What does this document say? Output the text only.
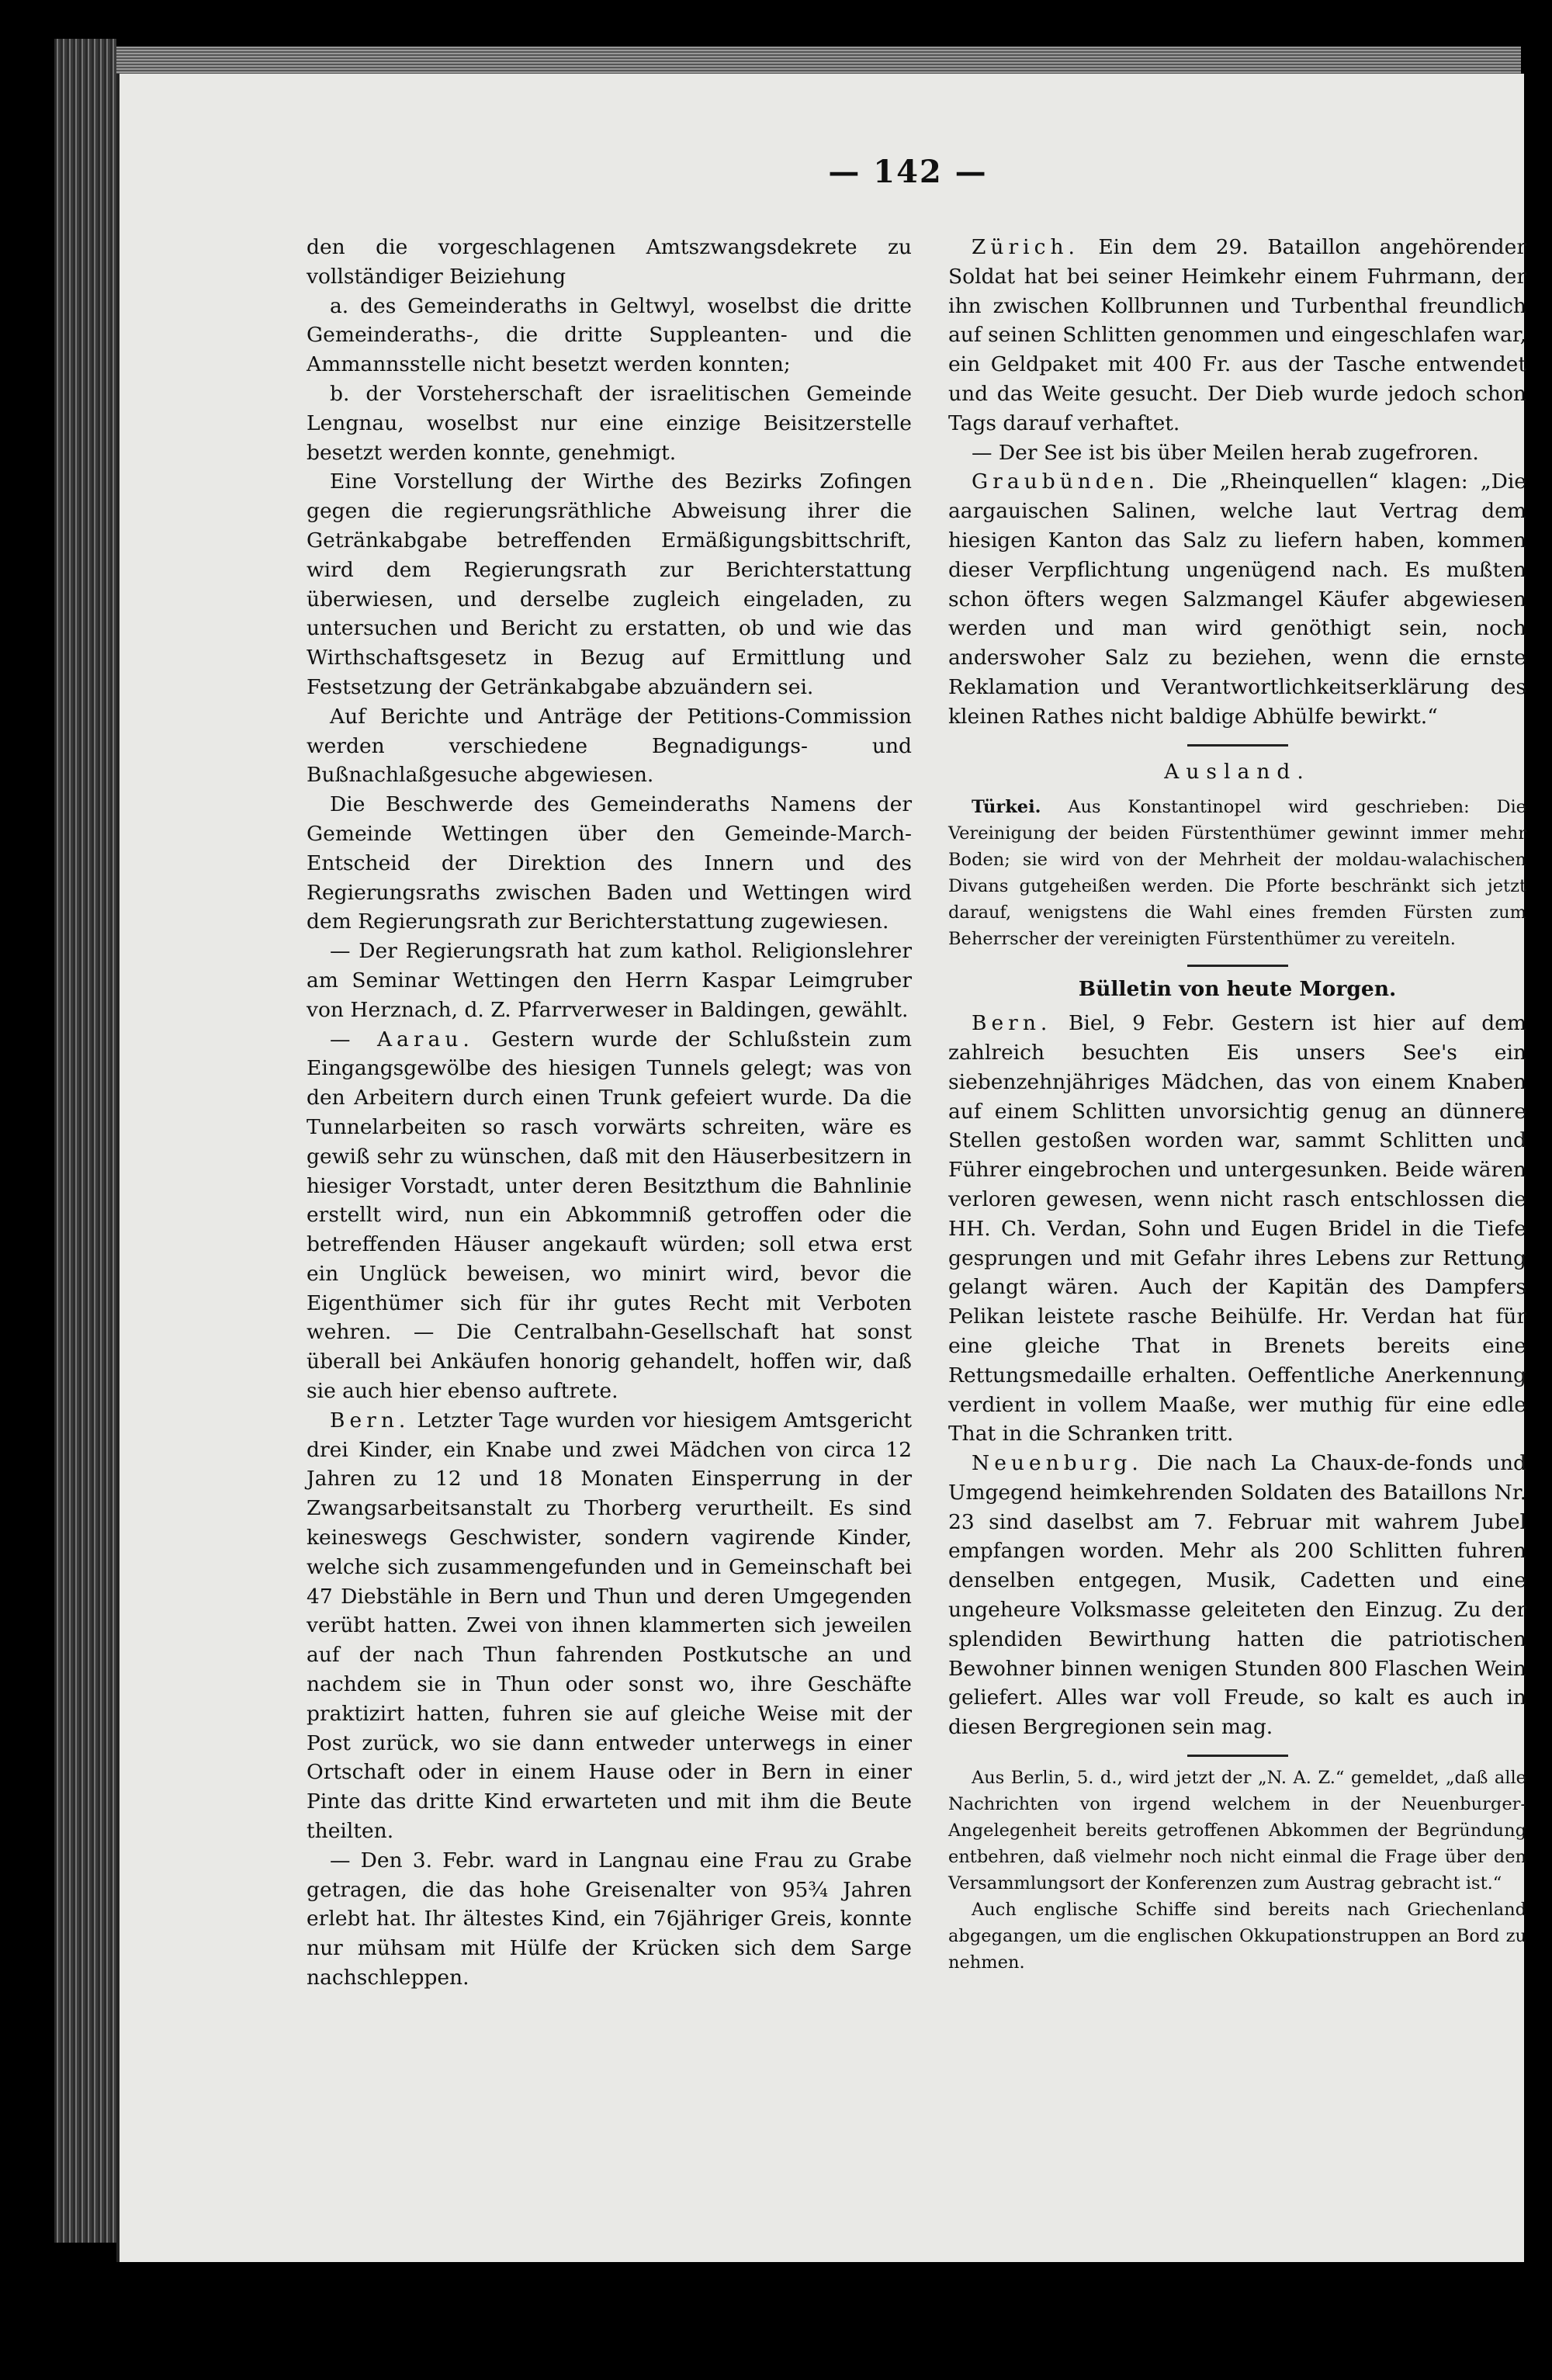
— 142 —

den die vorgeschlagenen Amtszwangsdekrete zu vollständiger Beiziehung

a. des Gemeinderaths in Geltwyl, woselbst die dritte Gemeinderaths-, die dritte Suppleanten- und die Ammannsstelle nicht besetzt werden konnten;

b. der Vorsteherschaft der israelitischen Gemeinde Lengnau, woselbst nur eine einzige Beisitzerstelle besetzt werden konnte, genehmigt.

Eine Vorstellung der Wirthe des Bezirks Zofingen gegen die regierungsräthliche Abweisung ihrer die Getränkabgabe betreffenden Ermäßigungsbittschrift, wird dem Regierungsrath zur Berichterstattung überwiesen, und derselbe zugleich eingeladen, zu untersuchen und Bericht zu erstatten, ob und wie das Wirthschaftsgesetz in Bezug auf Ermittlung und Festsetzung der Getränkabgabe abzuändern sei.

Auf Berichte und Anträge der Petitions-Commission werden verschiedene Begnadigungs- und Bußnachlaßgesuche abgewiesen.

Die Beschwerde des Gemeinderaths Namens der Gemeinde Wettingen über den Gemeinde-March-Entscheid der Direktion des Innern und des Regierungsraths zwischen Baden und Wettingen wird dem Regierungsrath zur Berichterstattung zugewiesen.

— Der Regierungsrath hat zum kathol. Religionslehrer am Seminar Wettingen den Herrn Kaspar Leimgruber von Herznach, d. Z. Pfarrverweser in Baldingen, gewählt.

— Aarau. Gestern wurde der Schlußstein zum Eingangsgewölbe des hiesigen Tunnels gelegt; was von den Arbeitern durch einen Trunk gefeiert wurde. Da die Tunnelarbeiten so rasch vorwärts schreiten, wäre es gewiß sehr zu wünschen, daß mit den Häuserbesitzern in hiesiger Vorstadt, unter deren Besitzthum die Bahnlinie erstellt wird, nun ein Abkommniß getroffen oder die betreffenden Häuser angekauft würden; soll etwa erst ein Unglück beweisen, wo minirt wird, bevor die Eigenthümer sich für ihr gutes Recht mit Verboten wehren. — Die Centralbahn-Gesellschaft hat sonst überall bei Ankäufen honorig gehandelt, hoffen wir, daß sie auch hier ebenso auftrete.

Bern. Letzter Tage wurden vor hiesigem Amtsgericht drei Kinder, ein Knabe und zwei Mädchen von circa 12 Jahren zu 12 und 18 Monaten Einsperrung in der Zwangsarbeitsanstalt zu Thorberg verurtheilt. Es sind keineswegs Geschwister, sondern vagirende Kinder, welche sich zusammengefunden und in Gemeinschaft bei 47 Diebstähle in Bern und Thun und deren Umgegenden verübt hatten. Zwei von ihnen klammerten sich jeweilen auf der nach Thun fahrenden Postkutsche an und nachdem sie in Thun oder sonst wo, ihre Geschäfte praktizirt hatten, fuhren sie auf gleiche Weise mit der Post zurück, wo sie dann entweder unterwegs in einer Ortschaft oder in einem Hause oder in Bern in einer Pinte das dritte Kind erwarteten und mit ihm die Beute theilten.

— Den 3. Febr. ward in Langnau eine Frau zu Grabe getragen, die das hohe Greisenalter von 95¾ Jahren erlebt hat. Ihr ältestes Kind, ein 76jähriger Greis, konnte nur mühsam mit Hülfe der Krücken sich dem Sarge nachschleppen.

Zürich. Ein dem 29. Bataillon angehörender Soldat hat bei seiner Heimkehr einem Fuhrmann, der ihn zwischen Kollbrunnen und Turbenthal freundlich auf seinen Schlitten genommen und eingeschlafen war, ein Geldpaket mit 400 Fr. aus der Tasche entwendet und das Weite gesucht. Der Dieb wurde jedoch schon Tags darauf verhaftet.

— Der See ist bis über Meilen herab zugefroren.

Graubünden. Die „Rheinquellen“ klagen: „Die aargauischen Salinen, welche laut Vertrag dem hiesigen Kanton das Salz zu liefern haben, kommen dieser Verpflichtung ungenügend nach. Es mußten schon öfters wegen Salzmangel Käufer abgewiesen werden und man wird genöthigt sein, noch anderswoher Salz zu beziehen, wenn die ernste Reklamation und Verantwortlichkeitserklärung des kleinen Rathes nicht baldige Abhülfe bewirkt.“

Ausland.

Türkei. Aus Konstantinopel wird geschrieben: Die Vereinigung der beiden Fürstenthümer gewinnt immer mehr Boden; sie wird von der Mehrheit der moldau-walachischen Divans gutgeheißen werden. Die Pforte beschränkt sich jetzt darauf, wenigstens die Wahl eines fremden Fürsten zum Beherrscher der vereinigten Fürstenthümer zu vereiteln.

Bülletin von heute Morgen.

Bern. Biel, 9 Febr. Gestern ist hier auf dem zahlreich besuchten Eis unsers See's ein siebenzehnjähriges Mädchen, das von einem Knaben auf einem Schlitten unvorsichtig genug an dünnere Stellen gestoßen worden war, sammt Schlitten und Führer eingebrochen und untergesunken. Beide wären verloren gewesen, wenn nicht rasch entschlossen die HH. Ch. Verdan, Sohn und Eugen Bridel in die Tiefe gesprungen und mit Gefahr ihres Lebens zur Rettung gelangt wären. Auch der Kapitän des Dampfers Pelikan leistete rasche Beihülfe. Hr. Verdan hat für eine gleiche That in Brenets bereits eine Rettungsmedaille erhalten. Oeffentliche Anerkennung verdient in vollem Maaße, wer muthig für eine edle That in die Schranken tritt.

Neuenburg. Die nach La Chaux-de-fonds und Umgegend heimkehrenden Soldaten des Bataillons Nr. 23 sind daselbst am 7. Februar mit wahrem Jubel empfangen worden. Mehr als 200 Schlitten fuhren denselben entgegen, Musik, Cadetten und eine ungeheure Volksmasse geleiteten den Einzug. Zu der splendiden Bewirthung hatten die patriotischen Bewohner binnen wenigen Stunden 800 Flaschen Wein geliefert. Alles war voll Freude, so kalt es auch in diesen Bergregionen sein mag.

Aus Berlin, 5. d., wird jetzt der „N. A. Z.“ gemeldet, „daß alle Nachrichten von irgend welchem in der Neuenburger-Angelegenheit bereits getroffenen Abkommen der Begründung entbehren, daß vielmehr noch nicht einmal die Frage über den Versammlungsort der Konferenzen zum Austrag gebracht ist.“

Auch englische Schiffe sind bereits nach Griechenland abgegangen, um die englischen Okkupationstruppen an Bord zu nehmen.
